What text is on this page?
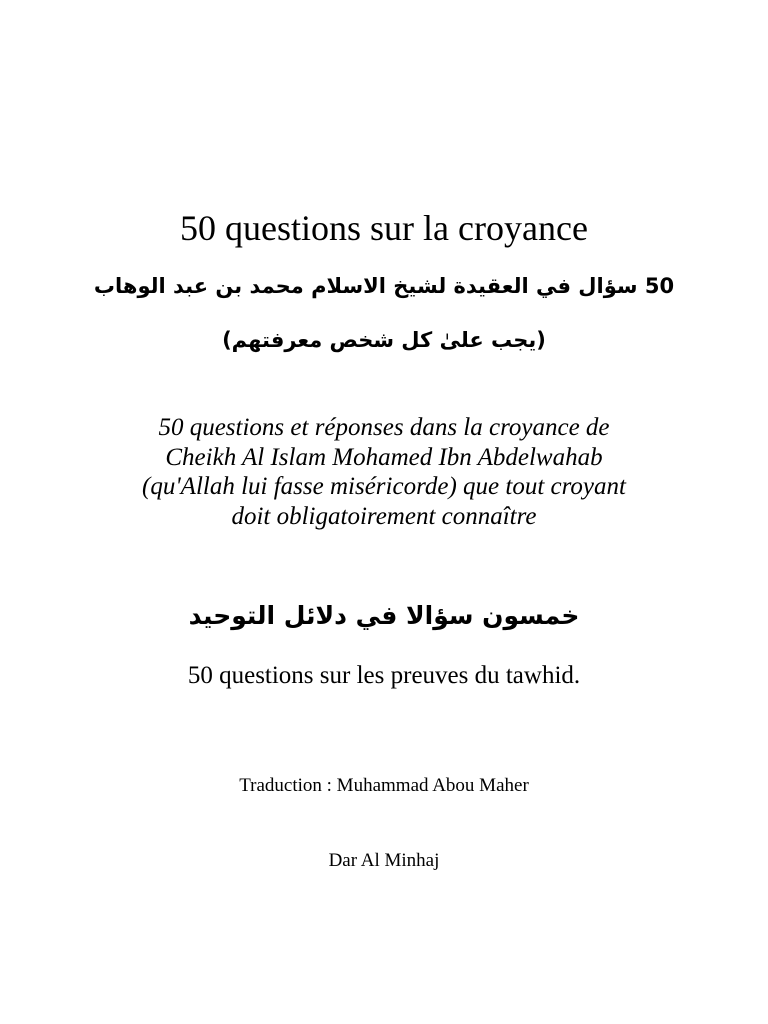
50 questions sur la croyance
50 سؤال في العقيدة لشيخ الاسلام محمد بن عبد الوهاب
(يجب علىٰ كل شخص معرفتهم)
50 questions et réponses dans la croyance de
Cheikh Al Islam Mohamed Ibn Abdelwahab
(qu'Allah lui fasse miséricorde) que tout croyant
doit obligatoirement connaître
خمسون سؤالا في دلائل التوحيد
50 questions sur les preuves du tawhid.
Traduction : Muhammad Abou Maher
Dar Al Minhaj
